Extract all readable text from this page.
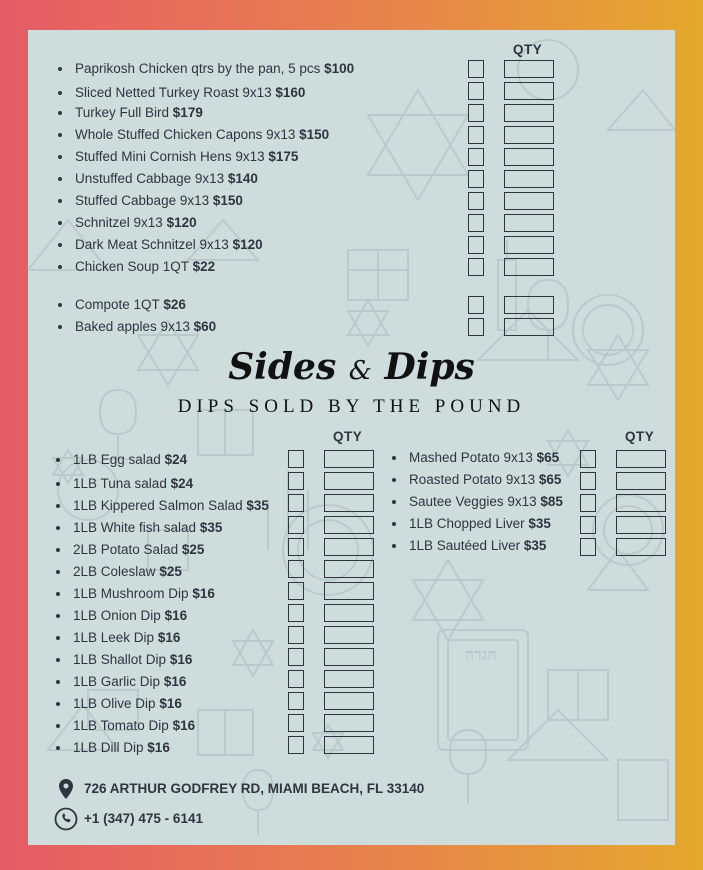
חגדה
QTY
Paprikosh Chicken qtrs by the pan, 5 pcs $100
Sliced Netted Turkey Roast 9x13 $160
Turkey Full Bird $179
Whole Stuffed Chicken Capons 9x13 $150
Stuffed Mini Cornish Hens 9x13 $175
Unstuffed Cabbage 9x13 $140
Stuffed Cabbage 9x13 $150
Schnitzel 9x13 $120
Dark Meat Schnitzel 9x13 $120
Chicken Soup 1QT $22
Compote 1QT $26
Baked apples 9x13 $60
Sides & Dips
DIPS SOLD BY THE POUND
QTY	QTY
1LB Egg salad $24
1LB Tuna salad $24
1LB Kippered Salmon Salad $35
1LB White fish salad $35
2LB Potato Salad $25
2LB Coleslaw $25
1LB Mushroom Dip $16
1LB Onion Dip $16
1LB Leek Dip $16
1LB Shallot Dip $16
1LB Garlic Dip $16
1LB Olive Dip $16
1LB Tomato Dip $16
1LB Dill Dip $16
Mashed Potato 9x13 $65
Roasted Potato 9x13 $65
Sautee Veggies 9x13 $85
1LB Chopped Liver $35
1LB Sautéed Liver $35
726 ARTHUR GODFREY RD, MIAMI BEACH, FL 33140
+1 (347) 475 - 6141
